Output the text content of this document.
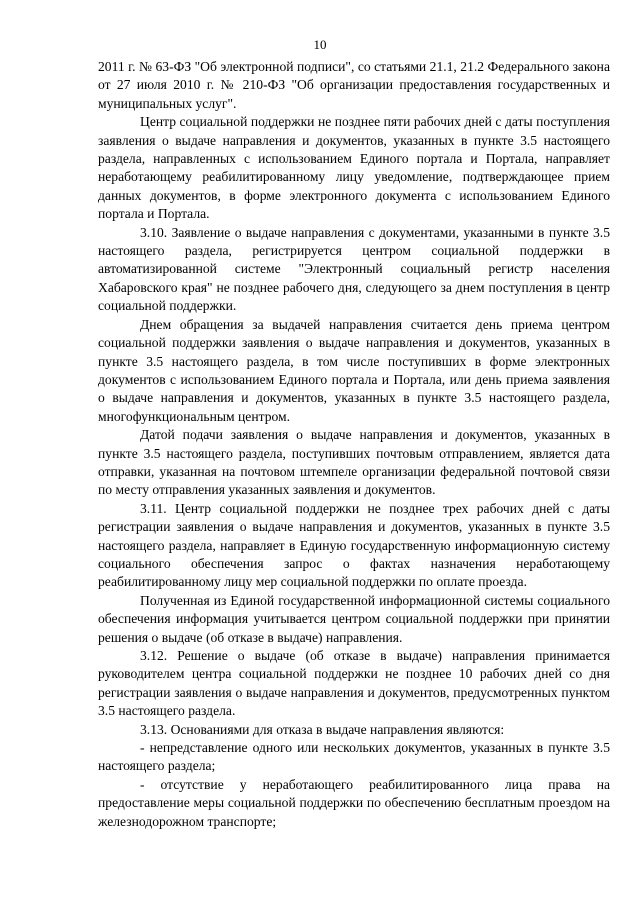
10

2011 г. № 63-ФЗ "Об электронной подписи", со статьями 21.1, 21.2 Федерального закона от 27 июля 2010 г. № 210-ФЗ "Об организации предоставления государственных и муниципальных услуг".

Центр социальной поддержки не позднее пяти рабочих дней с даты поступления заявления о выдаче направления и документов, указанных в пункте 3.5 настоящего раздела, направленных с использованием Единого портала и Портала, направляет неработающему реабилитированному лицу уведомление, подтверждающее прием данных документов, в форме электронного документа с использованием Единого портала и Портала.

3.10. Заявление о выдаче направления с документами, указанными в пункте 3.5 настоящего раздела, регистрируется центром социальной поддержки в автоматизированной системе "Электронный социальный регистр населения Хабаровского края" не позднее рабочего дня, следующего за днем поступления в центр социальной поддержки.

Днем обращения за выдачей направления считается день приема центром социальной поддержки заявления о выдаче направления и документов, указанных в пункте 3.5 настоящего раздела, в том числе поступивших в форме электронных документов с использованием Единого портала и Портала, или день приема заявления о выдаче направления и документов, указанных в пункте 3.5 настоящего раздела, многофункциональным центром.

Датой подачи заявления о выдаче направления и документов, указанных в пункте 3.5 настоящего раздела, поступивших почтовым отправлением, является дата отправки, указанная на почтовом штемпеле организации федеральной почтовой связи по месту отправления указанных заявления и документов.

3.11. Центр социальной поддержки не позднее трех рабочих дней с даты регистрации заявления о выдаче направления и документов, указанных в пункте 3.5 настоящего раздела, направляет в Единую государственную информационную систему социального обеспечения запрос о фактах назначения неработающему реабилитированному лицу мер социальной поддержки по оплате проезда.

Полученная из Единой государственной информационной системы социального обеспечения информация учитывается центром социальной поддержки при принятии решения о выдаче (об отказе в выдаче) направления.

3.12. Решение о выдаче (об отказе в выдаче) направления принимается руководителем центра социальной поддержки не позднее 10 рабочих дней со дня регистрации заявления о выдаче направления и документов, предусмотренных пунктом 3.5 настоящего раздела.

3.13. Основаниями для отказа в выдаче направления являются:

- непредставление одного или нескольких документов, указанных в пункте 3.5 настоящего раздела;

- отсутствие у неработающего реабилитированного лица права на предоставление меры социальной поддержки по обеспечению бесплатным проездом на железнодорожном транспорте;
